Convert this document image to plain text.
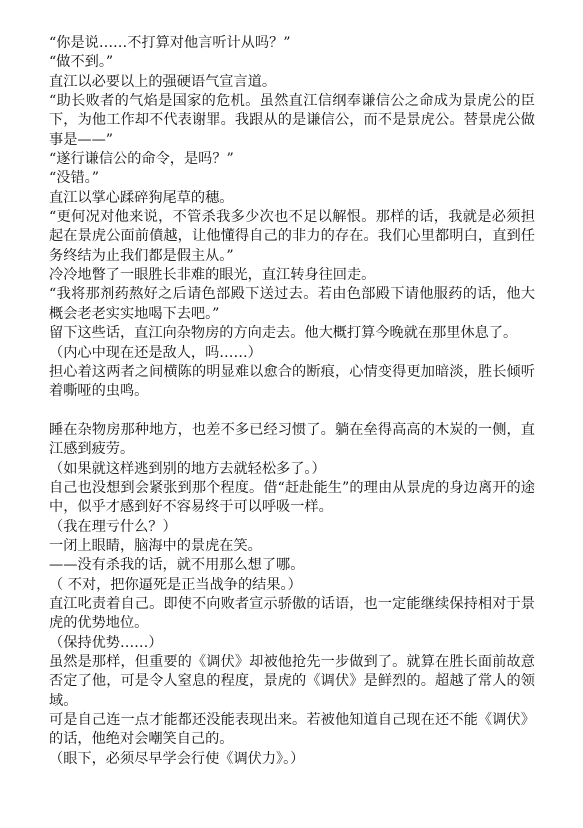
“你是说……不打算对他言听计从吗？”

“做不到。”

直江以必要以上的强硬语气宣言道。

“助长败者的气焰是国家的危机。虽然直江信纲奉谦信公之命成为景虎公的臣下，为他工作却不代表谢罪。我跟从的是谦信公，而不是景虎公。替景虎公做事是——”

“遂行谦信公的命令，是吗？”

“没错。”

直江以掌心蹂碎狗尾草的穗。

“更何况对他来说，不管杀我多少次也不足以解恨。那样的话，我就是必须担起在景虎公面前僨越，让他懂得自己的非力的存在。我们心里都明白，直到任务终结为止我们都是假主从。”

冷冷地瞥了一眼胜长非难的眼光，直江转身往回走。

“我将那剂药熬好之后请色部殿下送过去。若由色部殿下请他服药的话，他大概会老老实实地喝下去吧。”

留下这些话，直江向杂物房的方向走去。他大概打算今晚就在那里休息了。

（内心中现在还是敌人，吗……）

担心着这两者之间横陈的明显难以愈合的断痕，心情变得更加暗淡，胜长倾听着嘶哑的虫鸣。

睡在杂物房那种地方，也差不多已经习惯了。躺在垒得高高的木炭的一侧，直江感到疲劳。

（如果就这样逃到别的地方去就轻松多了。）

自己也没想到会紧张到那个程度。借“赶赴能生”的理由从景虎的身边离开的途中，似乎才感到好不容易终于可以呼吸一样。

（我在理亏什么？）

一闭上眼睛，脑海中的景虎在笑。

——没有杀我的话，就不用那么想了哪。

（ 不对，把你逼死是正当战争的结果。）

直江叱责着自己。即使不向败者宣示骄傲的话语，也一定能继续保持相对于景虎的优势地位。

（保持优势……）

虽然是那样，但重要的《调伏》却被他抢先一步做到了。就算在胜长面前故意否定了他，可是令人窒息的程度，景虎的《调伏》是鲜烈的。超越了常人的领域。

可是自己连一点才能都还没能表现出来。若被他知道自己现在还不能《调伏》的话，他绝对会嘲笑自己的。

（眼下，必须尽早学会行使《调伏力》。）
